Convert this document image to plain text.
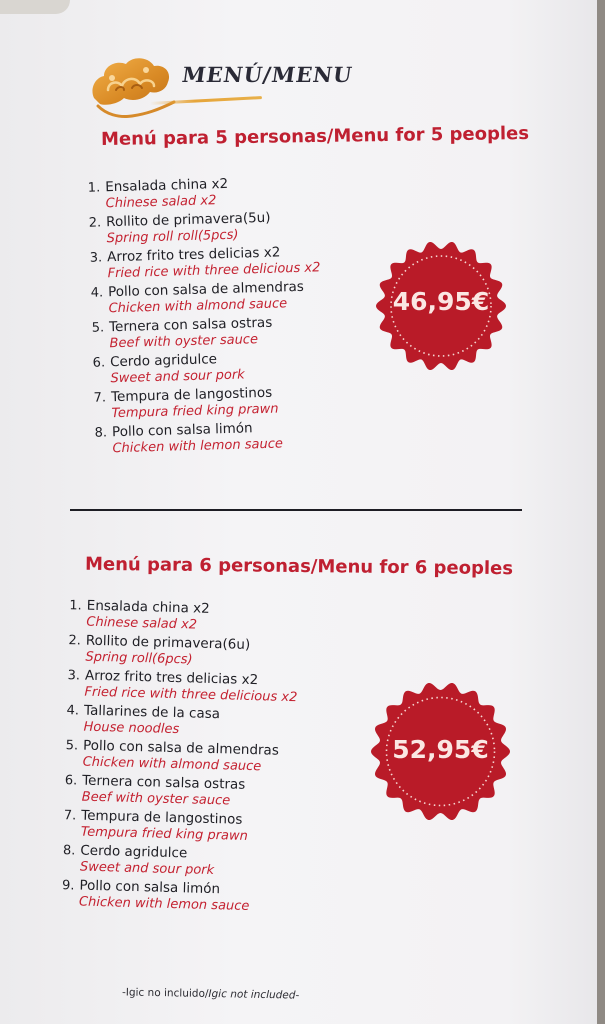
MENÚ/MENU
Menú para 5 personas/Menu for 5 peoples
1. Ensalada china x2
Chinese salad x2
2. Rollito de primavera(5u)
Spring roll roll(5pcs)
3. Arroz frito tres delicias x2
Fried rice with three delicious x2
4. Pollo con salsa de almendras
Chicken with almond sauce
5. Ternera con salsa ostras
Beef with oyster sauce
6. Cerdo agridulce
Sweet and sour pork
7. Tempura de langostinos
Tempura fried king prawn
8. Pollo con salsa limón
Chicken with lemon sauce
46,95€
Menú para 6 personas/Menu for 6 peoples
1. Ensalada china x2
Chinese salad x2
2. Rollito de primavera(6u)
Spring roll(6pcs)
3. Arroz frito tres delicias x2
Fried rice with three delicious x2
4. Tallarines de la casa
House noodles
5. Pollo con salsa de almendras
Chicken with almond sauce
6. Ternera con salsa ostras
Beef with oyster sauce
7. Tempura de langostinos
Tempura fried king prawn
8. Cerdo agridulce
Sweet and sour pork
9. Pollo con salsa limón
Chicken with lemon sauce
52,95€
-Igic no incluido/Igic not included-
